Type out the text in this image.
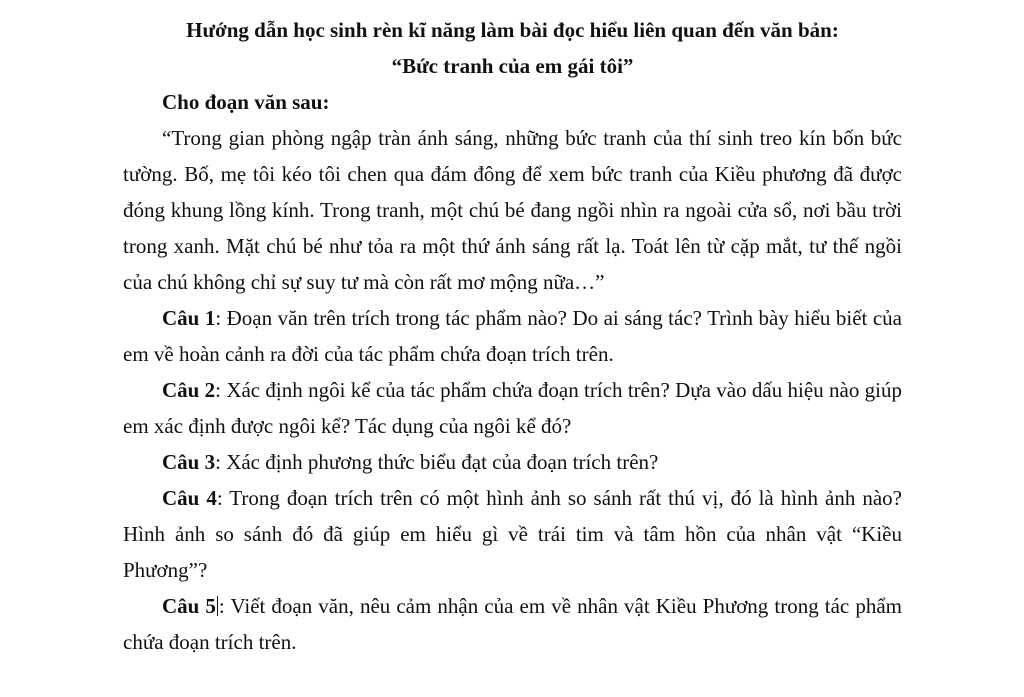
Hướng dẫn học sinh rèn kĩ năng làm bài đọc hiểu liên quan đến văn bản:
“Bức tranh của em gái tôi”

Cho đoạn văn sau:

“Trong gian phòng ngập tràn ánh sáng, những bức tranh của thí sinh treo kín bốn bức tường. Bố, mẹ tôi kéo tôi chen qua đám đông để xem bức tranh của Kiều phương đã được đóng khung lồng kính. Trong tranh, một chú bé đang ngồi nhìn ra ngoài cửa sổ, nơi bầu trời trong xanh. Mặt chú bé như tỏa ra một thứ ánh sáng rất lạ. Toát lên từ cặp mắt, tư thế ngồi của chú không chỉ sự suy tư mà còn rất mơ mộng nữa…”

Câu 1: Đoạn văn trên trích trong tác phẩm nào? Do ai sáng tác? Trình bày hiểu biết của em về hoàn cảnh ra đời của tác phẩm chứa đoạn trích trên.

Câu 2: Xác định ngôi kể của tác phẩm chứa đoạn trích trên? Dựa vào dấu hiệu nào giúp em xác định được ngôi kể? Tác dụng của ngôi kể đó?

Câu 3: Xác định phương thức biểu đạt của đoạn trích trên?

Câu 4: Trong đoạn trích trên có một hình ảnh so sánh rất thú vị, đó là hình ảnh nào? Hình ảnh so sánh đó đã giúp em hiểu gì về trái tim và tâm hồn của nhân vật “Kiều Phương”?

Câu 5 : Viết đoạn văn, nêu cảm nhận của em về nhân vật Kiều Phương trong tác phẩm chứa đoạn trích trên.
